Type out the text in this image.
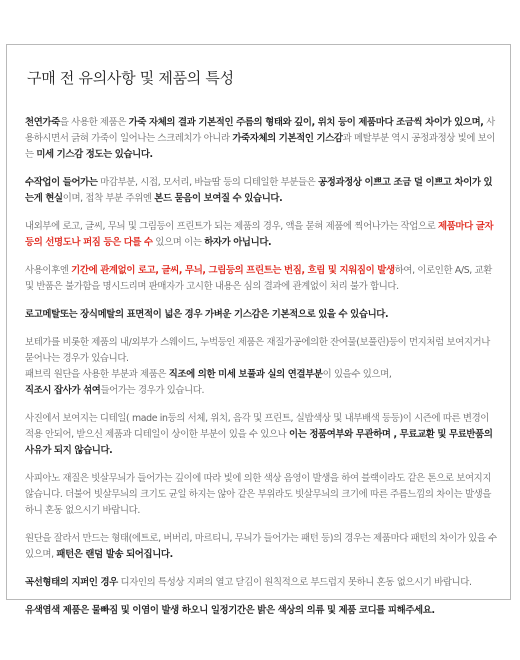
구매 전 유의사항 및 제품의 특성
천연가죽을 사용한 제품은 가죽 자체의 결과 기본적인 주름의 형태와 깊이, 위치 등이 제품마다 조금씩 차이가 있으며, 사용하시면서 긁혀 가죽이 일어나는 스크레치가 아니라 가죽자체의 기본적인 기스감과 메탈부분 역시 공정과정상 빛에 보이는 미세 기스감 정도는 있습니다.
수작업이 들어가는 마감부분, 시접, 모서리, 바늘땀 등의 디테일한 부분들은 공정과정상 이쁘고 조금 덜 이쁘고 차이가 있는게 현실이며, 접착 부분 주위엔 본드 묻음이 보여질 수 있습니다.
내외부에 로고, 글씨, 무늬 및 그림등이 프린트가 되는 제품의 경우, 액을 묻혀 제품에 찍어나가는 작업으로 제품마다 글자등의 선명도나 퍼짐 등은 다를 수 있으며 이는 하자가 아닙니다.
사용이후엔 기간에 관계없이 로고, 글씨, 무늬, 그림등의 프린트는 번짐, 흐림 및 지워짐이 발생하여, 이로인한 A/S, 교환 및 반품은 불가함을 명시드리며 판매자가 고시한 내용은 심의 결과에 관계없이 처리 불가 합니다.
로고메탈또는 장식메탈의 표면적이 넓은 경우 가벼운 기스감은 기본적으로 있을 수 있습니다.
보테가를 비롯한 제품의 내/외부가 스웨이드, 누벅등인 제품은 재질가공에의한 잔여물(보풀린)등이 먼지처럼 보여지거나 묻어나는 경우가 있습니다.
패브릭 원단을 사용한 부분과 제품은 직조에 의한 미세 보풀과 실의 연결부분이 있을수 있으며,
직조시 잡사가 섞여들어가는 경우가 있습니다.
사진에서 보여지는 디테일( made in등의 서체, 위치, 음각 및 프린트, 실밥색상 및 내부배색 등등)이 시즌에 따른 변경이 적용 안되어, 받으신 제품과 디테일이 상이한 부분이 있을 수 있으나 이는 정품여부와 무관하며 , 무료교환 및 무료반품의 사유가 되지 않습니다.
사피아노 재질은 빗살무늬가 들어가는 깊이에 따라 빛에 의한 색상 음영이 발생을 하여 블랙이라도 같은 톤으로 보여지지 않습니다. 더불어 빗살무늬의 크기도 균일 하지는 않아 같은 부위라도 빗살무늬의 크기에 따른 주름느낌의 차이는 발생을 하니 혼동 없으시기 바랍니다.
원단을 잘라서 만드는 형태(에트로, 버버리, 마르티니, 무늬가 들어가는 패턴 등)의 경우는 제품마다 패턴의 차이가 있을 수 있으며, 패턴은 랜덤 발송 되어집니다.
곡선형태의 지퍼인 경우 디자인의 특성상 지퍼의 열고 닫김이 원칙적으로 부드럽지 못하니 혼동 없으시기 바랍니다.
유색염색 제품은 물빠짐 및 이염이 발생 하오니 일정기간은 밝은 색상의 의류 및 제품 코디를 피해주세요.
